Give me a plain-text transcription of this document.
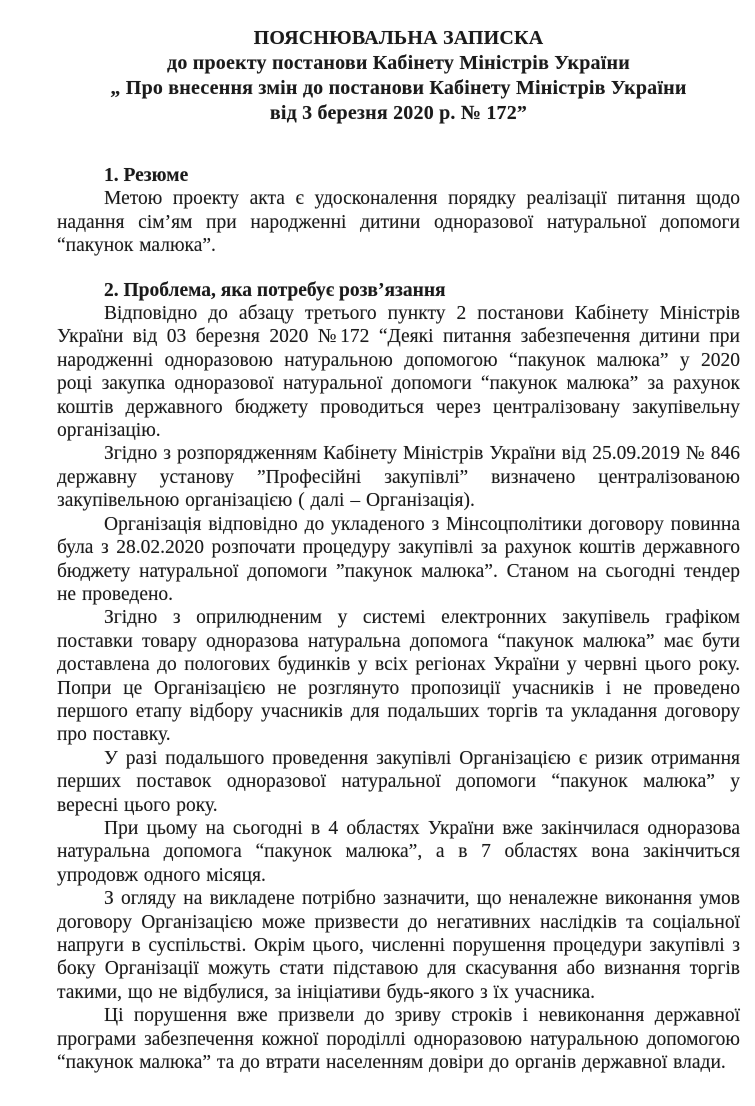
ПОЯСНЮВАЛЬНА ЗАПИСКА
до проекту постанови Кабінету Міністрів України
„ Про внесення змін до постанови Кабінету Міністрів України
від 3 березня 2020 р. № 172”
1. Резюме

Метою проекту акта є удосконалення порядку реалізації питання щодо надання сім’ям при народженні дитини одноразової натуральної допомоги “пакунок малюка”.

2. Проблема, яка потребує розв’язання

Відповідно до абзацу третього пункту 2 постанови Кабінету Міністрів України від 03 березня 2020 №172 “Деякі питання забезпечення дитини при народженні одноразовою натуральною допомогою “пакунок малюка” у 2020 році закупка одноразової натуральної допомоги “пакунок малюка” за рахунок коштів державного бюджету проводиться через централізовану закупівельну організацію.

Згідно з розпорядженням Кабінету Міністрів України від 25.09.2019 № 846 державну установу ”Професійні закупівлі” визначено централізованою закупівельною організацією ( далі – Організація).

Організація відповідно до укладеного з Мінсоцполітики договору повинна була з 28.02.2020 розпочати процедуру закупівлі за рахунок коштів державного бюджету натуральної допомоги ”пакунок малюка”. Станом на сьогодні тендер не проведено.

Згідно з оприлюдненим у системі електронних закупівель графіком поставки товару одноразова натуральна допомога “пакунок малюка” має бути доставлена до пологових будинків у всіх регіонах України у червні цього року. Попри це Організацією не розглянуто пропозиції учасників і не проведено першого етапу відбору учасників для подальших торгів та укладання договору про поставку.

У разі подальшого проведення закупівлі Організацією є ризик отримання перших поставок одноразової натуральної допомоги “пакунок малюка” у вересні цього року.

При цьому на сьогодні в 4 областях України вже закінчилася одноразова натуральна допомога “пакунок малюка”, а в 7 областях вона закінчиться упродовж одного місяця.

З огляду на викладене потрібно зазначити, що неналежне виконання умов договору Організацією може призвести до негативних наслідків та соціальної напруги в суспільстві. Окрім цього, численні порушення процедури закупівлі з боку Організації можуть стати підставою для скасування або визнання торгів такими, що не відбулися, за ініціативи будь-якого з їх учасника.

Ці порушення вже призвели до зриву строків і невиконання державної програми забезпечення кожної породіллі одноразовою натуральною допомогою “пакунок малюка” та до втрати населенням довіри до органів державної влади.
